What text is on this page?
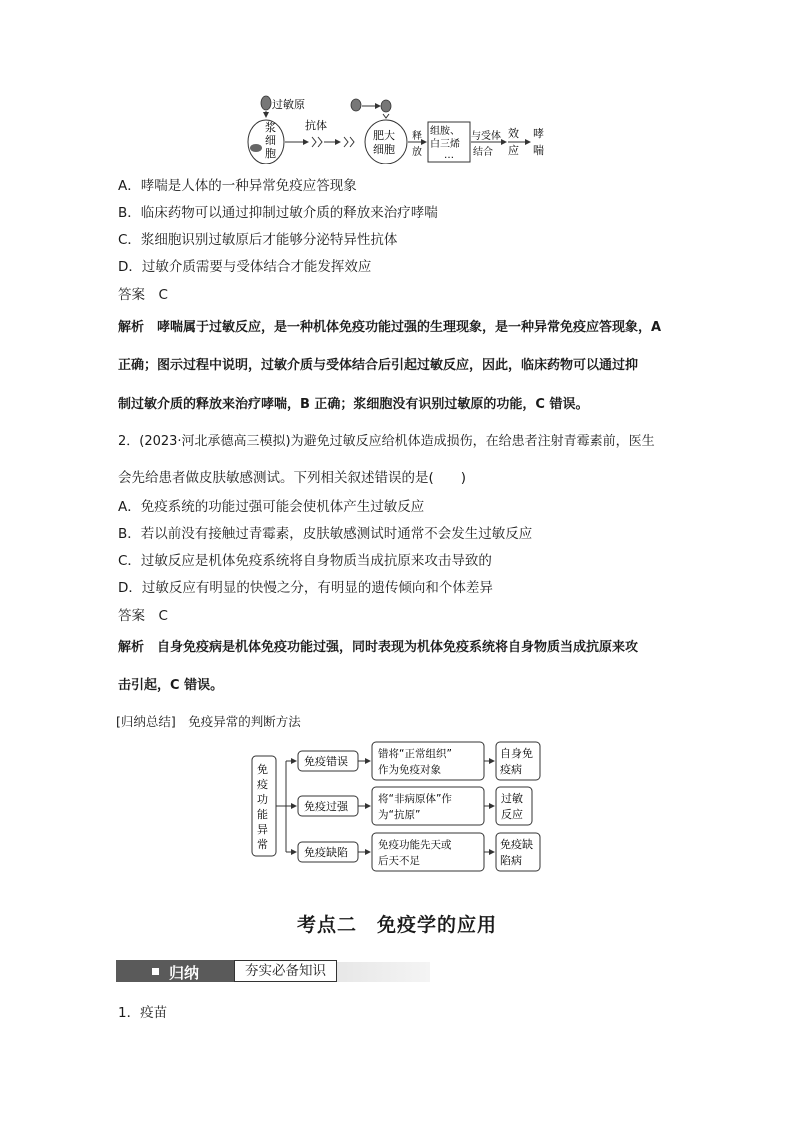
过敏原
浆
细
胞
抗体
肥大
细胞
释
放
组胺、
白三烯
…
与受体
结合
效
应
哮
喘
A．哮喘是人体的一种异常免疫应答现象
B．临床药物可以通过抑制过敏介质的释放来治疗哮喘
C．浆细胞识别过敏原后才能够分泌特异性抗体
D．过敏介质需要与受体结合才能发挥效应
答案　C
解析　哮喘属于过敏反应，是一种机体免疫功能过强的生理现象，是一种异常免疫应答现象，A
正确；图示过程中说明，过敏介质与受体结合后引起过敏反应，因此，临床药物可以通过抑
制过敏介质的释放来治疗哮喘，B 正确；浆细胞没有识别过敏原的功能，C 错误。
2．(2023·河北承德高三模拟)为避免过敏反应给机体造成损伤，在给患者注射青霉素前，医生
会先给患者做皮肤敏感测试。下列相关叙述错误的是(　　)
A．免疫系统的功能过强可能会使机体产生过敏反应
B．若以前没有接触过青霉素，皮肤敏感测试时通常不会发生过敏反应
C．过敏反应是机体免疫系统将自身物质当成抗原来攻击导致的
D．过敏反应有明显的快慢之分，有明显的遗传倾向和个体差异
答案　C
解析　自身免疫病是机体免疫功能过强，同时表现为机体免疫系统将自身物质当成抗原来攻
击引起，C 错误。
[归纳总结]　免疫异常的判断方法
免
疫
功
能
异
常
免疫错误
错将“正常组织”
作为免疫对象
自身免
疫病
免疫过强
将“非病原体”作
为“抗原”
过敏
反应
免疫缺陷
免疫功能先天或
后天不足
免疫缺
陷病
考点二　免疫学的应用
归纳	夯实必备知识
1．疫苗
